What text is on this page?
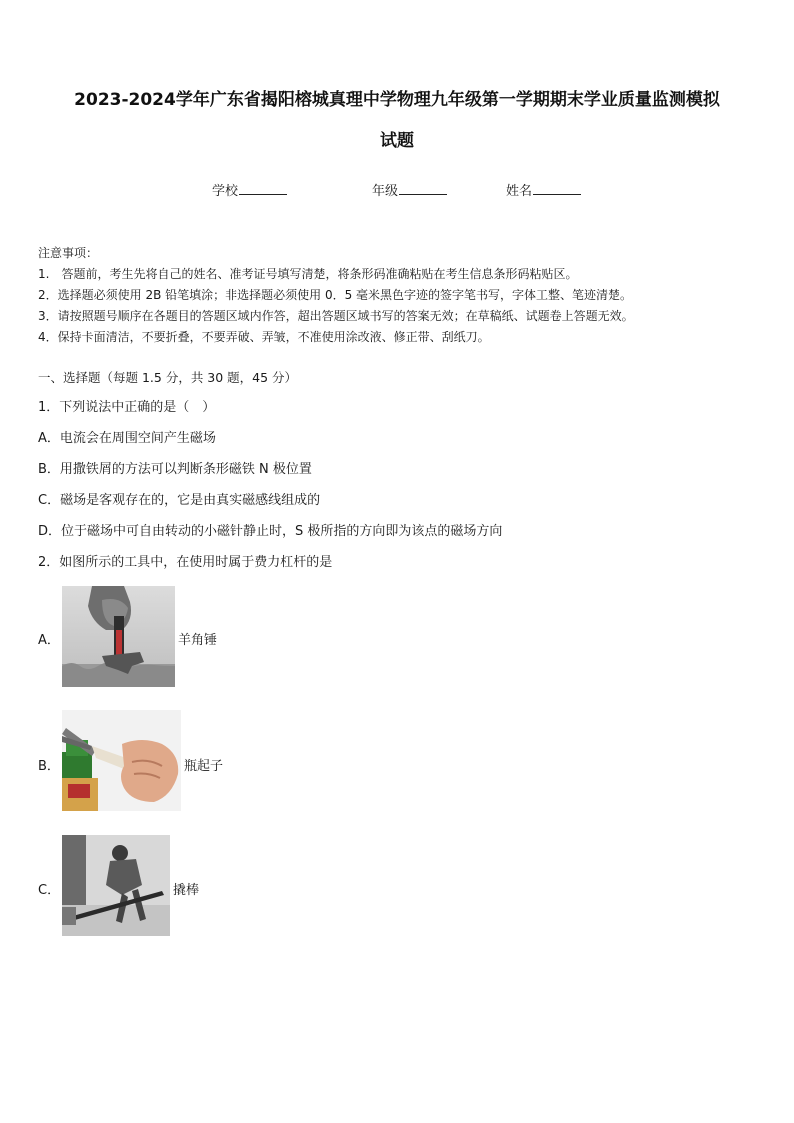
2023-2024学年广东省揭阳榕城真理中学物理九年级第一学期期末学业质量监测模拟
试题
学校	年级	姓名
注意事项：
1.　答题前，考生先将自己的姓名、准考证号填写清楚，将条形码准确粘贴在考生信息条形码粘贴区。
2．选择题必须使用 2B 铅笔填涂；非选择题必须使用 0．5 毫米黑色字迹的签字笔书写，字体工整、笔迹清楚。
3．请按照题号顺序在各题目的答题区域内作答，超出答题区域书写的答案无效；在草稿纸、试题卷上答题无效。
4．保持卡面清洁，不要折叠，不要弄破、弄皱，不准使用涂改液、修正带、刮纸刀。
一、选择题（每题 1.5 分，共 30 题，45 分）
1．下列说法中正确的是（　）
A．电流会在周围空间产生磁场
B．用撒铁屑的方法可以判断条形磁铁 N 极位置
C．磁场是客观存在的，它是由真实磁感线组成的
D．位于磁场中可自由转动的小磁针静止时，S 极所指的方向即为该点的磁场方向
2．如图所示的工具中，在使用时属于费力杠杆的是
A．	羊角锤
B．	瓶起子
C．	撬棒
